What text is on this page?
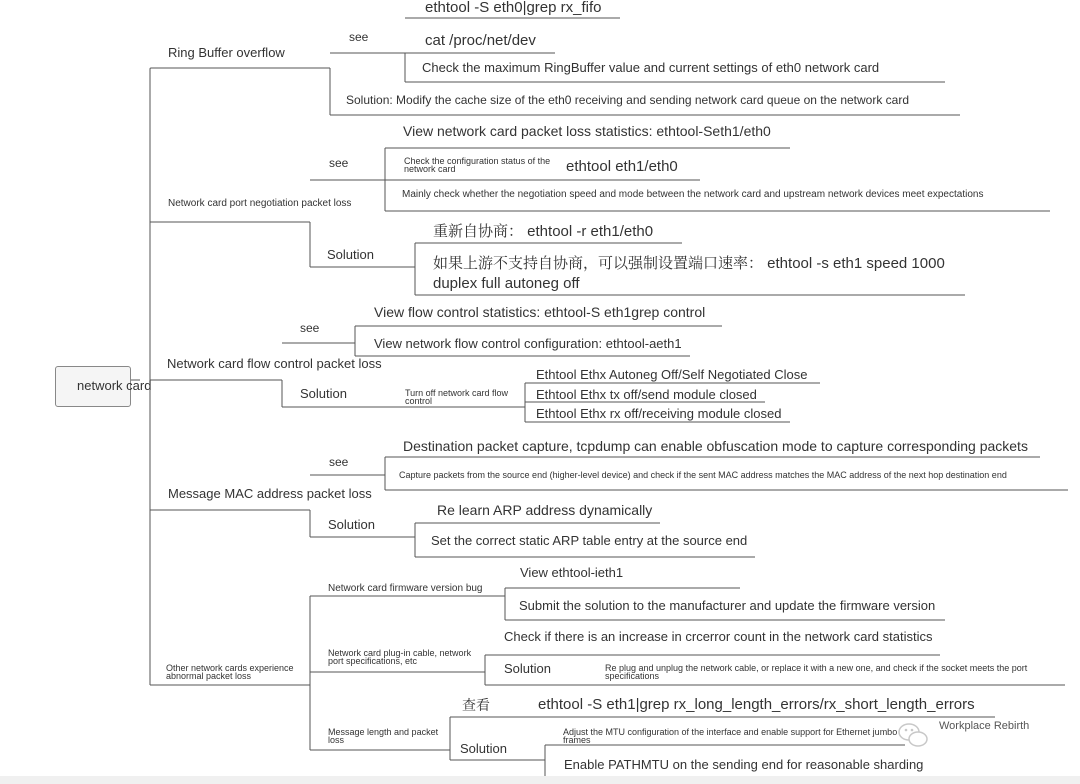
network card
Ring Buffer overflow
see
ethtool -S eth0|grep rx_fifo
cat /proc/net/dev
Check the maximum RingBuffer value and current settings of eth0 network card
Solution: Modify the cache size of the eth0 receiving and sending network card queue on the network card
Network card port negotiation packet loss
see
View network card packet loss statistics: ethtool-Seth1/eth0
Check the configuration status of the network card	ethtool eth1/eth0
Mainly check whether the negotiation speed and mode between the network card and upstream network devices meet expectations
Solution
重新自协商： ethtool -r eth1/eth0
如果上游不支持自协商，可以强制设置端口速率： ethtool -s eth1 speed 1000
duplex full autoneg off
Network card flow control packet loss
see
View flow control statistics: ethtool-S eth1grep control
View network flow control configuration: ethtool-aeth1
Solution	Turn off network card flow control
Ethtool Ethx Autoneg Off/Self Negotiated Close
Ethtool Ethx tx off/send module closed
Ethtool Ethx rx off/receiving module closed
Message MAC address packet loss
see
Destination packet capture, tcpdump can enable obfuscation mode to capture corresponding packets
Capture packets from the source end (higher-level device) and check if the sent MAC address matches the MAC address of the next hop destination end
Solution
Re learn ARP address dynamically
Set the correct static ARP table entry at the source end
Other network cards experience abnormal packet loss
Network card firmware version bug
View ethtool-ieth1
Submit the solution to the manufacturer and update the firmware version
Network card plug-in cable, network port specifications, etc
Check if there is an increase in crcerror count in the network card statistics
Solution	Re plug and unplug the network cable, or replace it with a new one, and check if the socket meets the port specifications
Message length and packet loss
查看	ethtool -S eth1|grep rx_long_length_errors/rx_short_length_errors
Solution
Adjust the MTU configuration of the interface and enable support for Ethernet jumbo frames
Enable PATHMTU on the sending end for reasonable sharding
Workplace Rebirth
